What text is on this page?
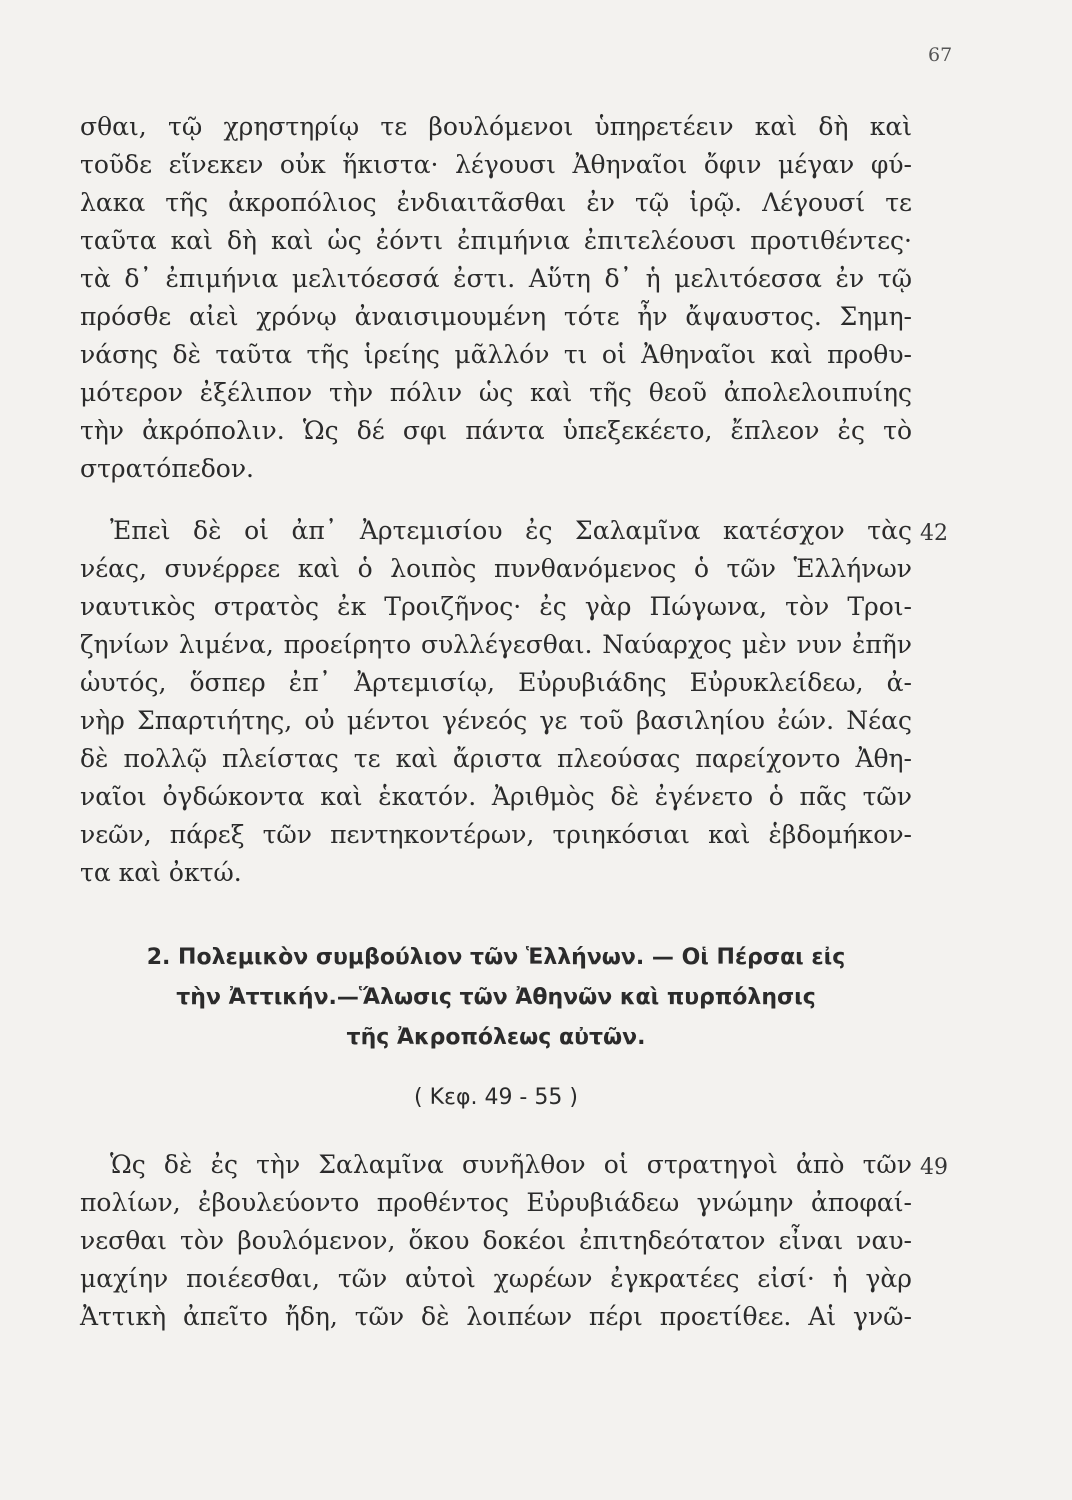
67
σθαι, τῷ χρηστηρίῳ τε βουλόμενοι ὑπηρετέειν καὶ δὴ καὶ
τοῦδε εἵνεκεν οὐκ ἥκιστα· λέγουσι Ἀθηναῖοι ὄφιν μέγαν φύ-
λακα τῆς ἀκροπόλιος ἐνδιαιτᾶσθαι ἐν τῷ ἱρῷ. Λέγουσί τε
ταῦτα καὶ δὴ καὶ ὡς ἐόντι ἐπιμήνια ἐπιτελέουσι προτιθέντες·
τὰ δ᾽ ἐπιμήνια μελιτόεσσά ἐστι. Αὕτη δ᾽ ἡ μελιτόεσσα ἐν τῷ
πρόσθε αἰεὶ χρόνῳ ἀναισιμουμένη τότε ἦν ἄψαυστος. Σημη-
νάσης δὲ ταῦτα τῆς ἱρείης μᾶλλόν τι οἱ Ἀθηναῖοι καὶ προθυ-
μότερον ἐξέλιπον τὴν πόλιν ὡς καὶ τῆς θεοῦ ἀπολελοιπυίης
τὴν ἀκρόπολιν. Ὡς δέ σφι πάντα ὑπεξεκέετο, ἔπλεον ἐς τὸ
στρατόπεδον.
42
Ἐπεὶ δὲ οἱ ἀπ᾽ Ἀρτεμισίου ἐς Σαλαμῖνα κατέσχον τὰς
νέας, συνέρρεε καὶ ὁ λοιπὸς πυνθανόμενος ὁ τῶν Ἑλλήνων
ναυτικὸς στρατὸς ἐκ Τροιζῆνος· ἐς γὰρ Πώγωνα, τὸν Τροι-
ζηνίων λιμένα, προείρητο συλλέγεσθαι. Ναύαρχος μὲν νυν ἐπῆν
ὡυτός, ὅσπερ ἐπ᾽ Ἀρτεμισίῳ, Εὐρυβιάδης Εὐρυκλείδεω, ἀ-
νὴρ Σπαρτιήτης, οὐ μέντοι γένεός γε τοῦ βασιληίου ἐών. Νέας
δὲ πολλῷ πλείστας τε καὶ ἄριστα πλεούσας παρείχοντο Ἀθη-
ναῖοι ὀγδώκοντα καὶ ἑκατόν. Ἀριθμὸς δὲ ἐγένετο ὁ πᾶς τῶν
νεῶν, πάρεξ τῶν πεντηκοντέρων, τριηκόσιαι καὶ ἑβδομήκον-
τα καὶ ὀκτώ.
2. Πολεμικὸν συμβούλιον τῶν Ἑλλήνων. — Οἱ Πέρσαι εἰς
τὴν Ἀττικήν.—Ἅλωσις τῶν Ἀθηνῶν καὶ πυρπόλησις
τῆς Ἀκροπόλεως αὐτῶν.
( Κεφ. 49 - 55 )
49
Ὡς δὲ ἐς τὴν Σαλαμῖνα συνῆλθον οἱ στρατηγοὶ ἀπὸ τῶν
πολίων, ἐβουλεύοντο προθέντος Εὐρυβιάδεω γνώμην ἀποφαί-
νεσθαι τὸν βουλόμενον, ὅκου δοκέοι ἐπιτηδεότατον εἶναι ναυ-
μαχίην ποιέεσθαι, τῶν αὐτοὶ χωρέων ἐγκρατέες εἰσί· ἡ γὰρ
Ἀττικὴ ἀπεῖτο ἤδη, τῶν δὲ λοιπέων πέρι προετίθεε. Αἱ γνῶ-
